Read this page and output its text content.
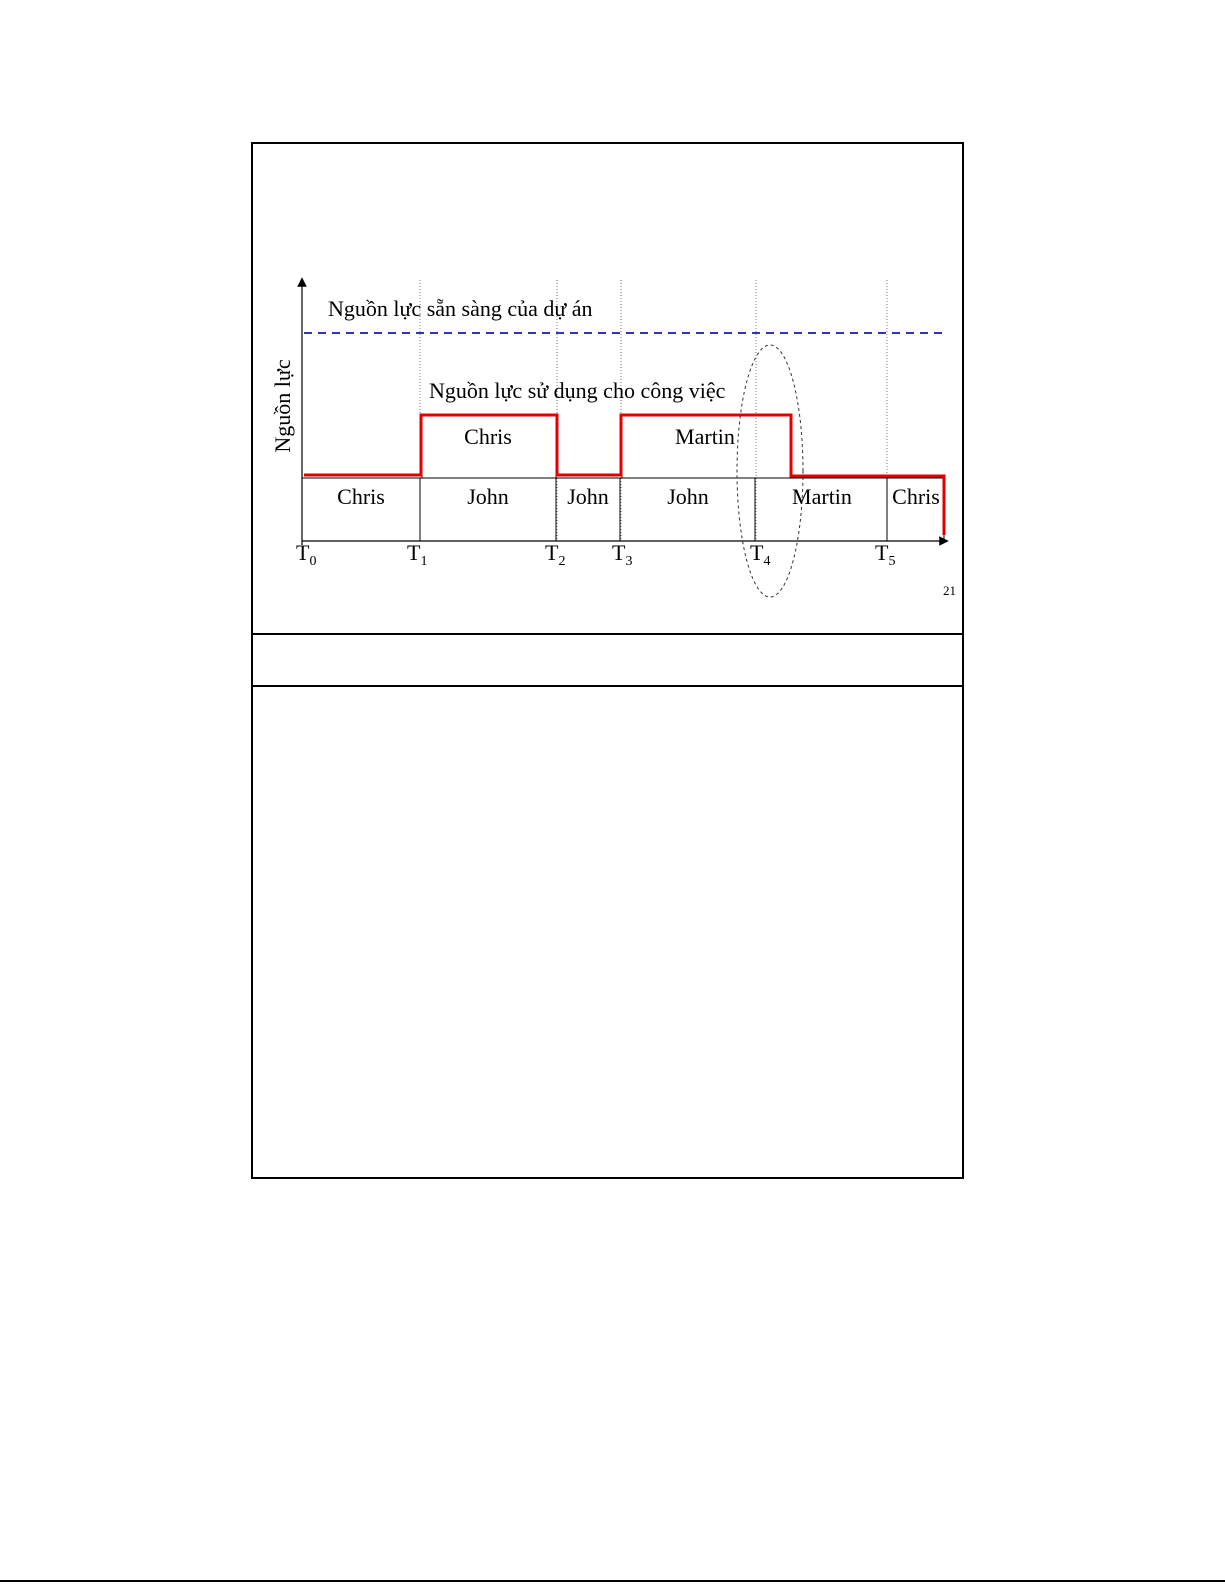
Nguồn lực
Nguồn lực sẵn sàng của dự án
Nguồn lực sử dụng cho công việc
Chris	Martin
Chris	John	John	John	Martin Chris
$T_0$	$T_1$	$T_2$ $T_3$	$T_4$	$T_5$
21
